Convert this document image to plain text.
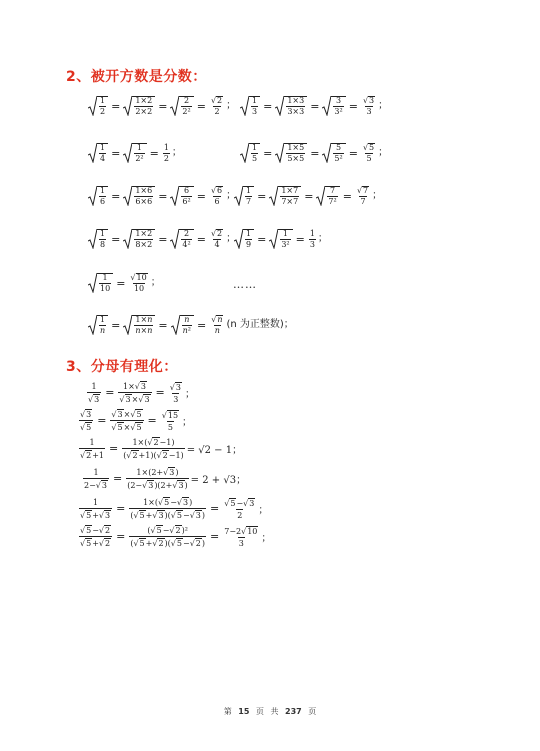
2、被开方数是分数：
$\frac{1}{2} = \frac{1\times 2}{2\times 2} = \frac{2}{\text{2²}} = \frac{√2}{2}$ ； $\frac{1}{3} = \frac{1\times 3}{3\times 3} = \frac{3}{\text{3²}} = \frac{√3}{3}$ ；
$\frac{1}{4} = \frac{1}{\text{2²}} = \frac{1}{2}$ ；	$\frac{1}{5} = \frac{1\times 5}{5\times 5} = \frac{5}{\text{5²}} = \frac{√5}{5}$ ；
$\frac{1}{6} = \frac{1\times 6}{6\times 6} = \frac{6}{\text{6²}} = \frac{√6}{6}$ ； $\frac{1}{7} = \frac{1\times 7}{7\times 7} = \frac{7}{\text{7²}} = \frac{√7}{7}$ ；
$\frac{1}{8} = \frac{1\times 2}{8\times 2} = \frac{2}{\text{4²}} = \frac{√2}{4}$ ； $\frac{1}{9} = \frac{1}{\text{3²}} = \frac{1}{3}$ ；
$\frac{1}{10} = \frac{√10}{10}$ ；	……
$\frac{1}{n} = \frac{1\times n}{n\times n} = \frac{n}{\text{n²}} = \frac{√n}{n} (n$ 为正整数)；
3、分母有理化：
$\frac{1}{√3} = \frac{1\times√3}{√3\times√3} = \frac{√3}{3}$ ；
$\frac{√3}{√5} = \frac{√3\times√5}{√5\times√5} = \frac{√15}{5}$ ；
$\frac{1}{√2+1} = \frac{1\times(√2-1)}{(√2+1)(√2-1)} = √2 - 1$；
$\frac{1}{2-√3} = \frac{1\times(2+√3)}{(2-√3)(2+√3)} = 2 + √3$；
$\frac{1}{√5+√3} = \frac{1\times(√5-√3)}{(√5+√3)(√5-√3)} = \frac{√5-√3}{2}$ ；
$\frac{√5-√2}{√5+√2} = \frac{\text{(√5−√2)²}}{(√5+√2)(√5-√2)} = \frac{7-2√10}{3}$ ；
第 15 页 共 237 页
